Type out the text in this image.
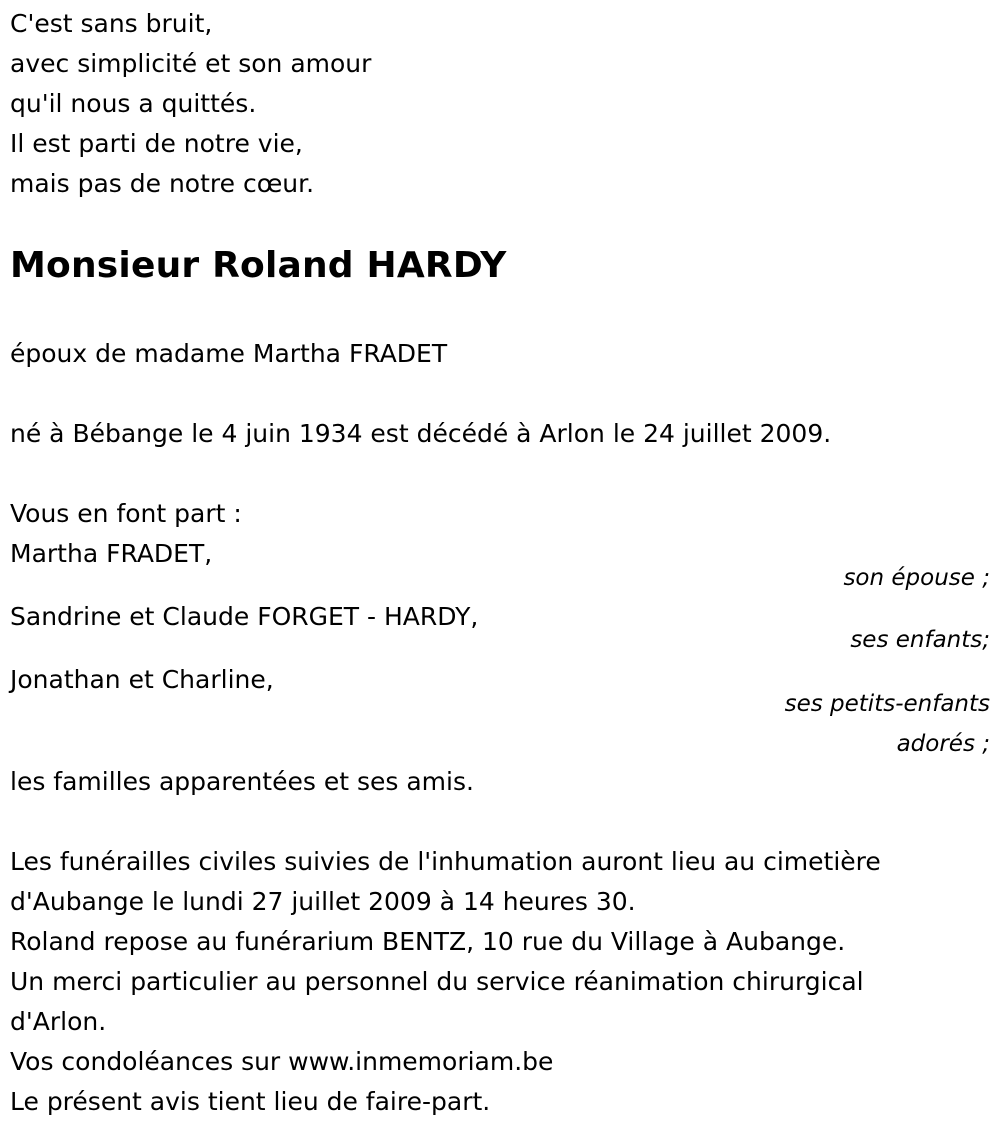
C'est sans bruit,
avec simplicité et son amour
qu'il nous a quittés.
Il est parti de notre vie,
mais pas de notre cœur.
Monsieur Roland HARDY
époux de madame Martha FRADET
né à Bébange le 4 juin 1934 est décédé à Arlon le 24 juillet 2009.
Vous en font part :
Martha FRADET,
son épouse ;
Sandrine et Claude FORGET - HARDY,
ses enfants;
Jonathan et Charline,
ses petits-enfants
adorés ;
les familles apparentées et ses amis.
Les funérailles civiles suivies de l'inhumation auront lieu au cimetière
d'Aubange le lundi 27 juillet 2009 à 14 heures 30.
Roland repose au funérarium BENTZ, 10 rue du Village à Aubange.
Un merci particulier au personnel du service réanimation chirurgical
d'Arlon.
Vos condoléances sur www.inmemoriam.be
Le présent avis tient lieu de faire-part.
